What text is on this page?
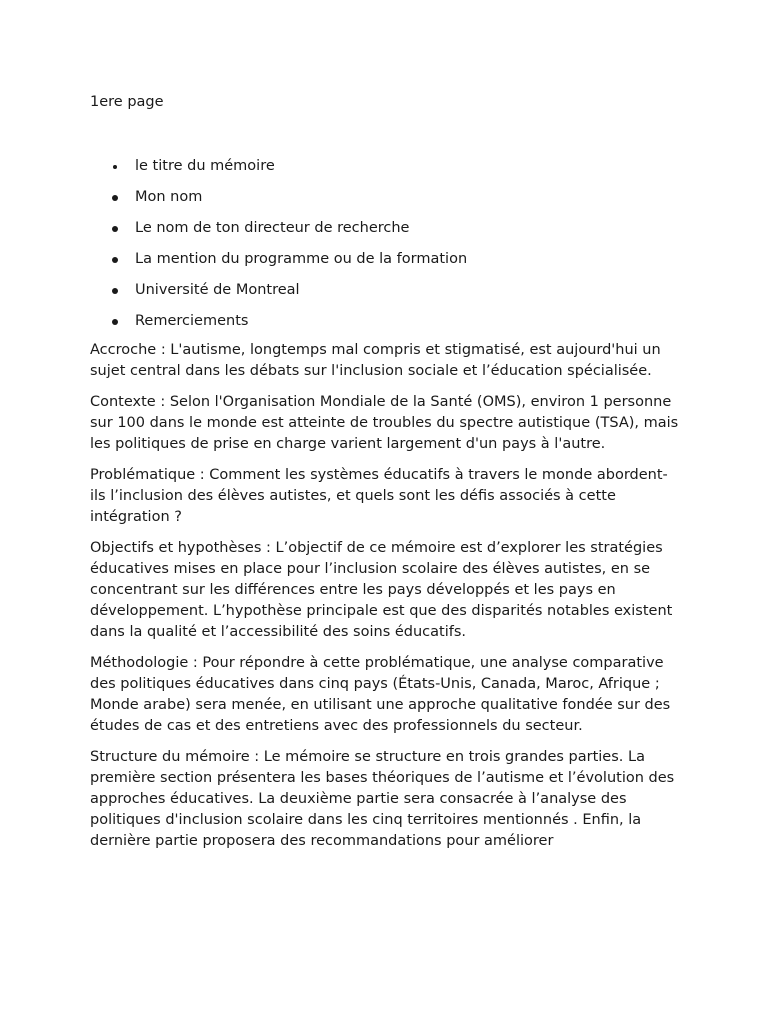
1ere page

le titre du mémoire
Mon nom
Le nom de ton directeur de recherche
La mention du programme ou de la formation
Université de Montreal
Remerciements

Accroche : L'autisme, longtemps mal compris et stigmatisé, est aujourd'hui un sujet central dans les débats sur l'inclusion sociale et l’éducation spécialisée.

Contexte : Selon l'Organisation Mondiale de la Santé (OMS), environ 1 personne sur 100 dans le monde est atteinte de troubles du spectre autistique (TSA), mais les politiques de prise en charge varient largement d'un pays à l'autre.

Problématique : Comment les systèmes éducatifs à travers le monde abordent-ils l’inclusion des élèves autistes, et quels sont les défis associés à cette intégration ?

Objectifs et hypothèses : L’objectif de ce mémoire est d’explorer les stratégies éducatives mises en place pour l’inclusion scolaire des élèves autistes, en se concentrant sur les différences entre les pays développés et les pays en développement. L’hypothèse principale est que des disparités notables existent dans la qualité et l’accessibilité des soins éducatifs.

Méthodologie : Pour répondre à cette problématique, une analyse comparative des politiques éducatives dans cinq pays (États-Unis, Canada, Maroc, Afrique ; Monde arabe) sera menée, en utilisant une approche qualitative fondée sur des études de cas et des entretiens avec des professionnels du secteur.

Structure du mémoire : Le mémoire se structure en trois grandes parties. La première section présentera les bases théoriques de l’autisme et l’évolution des approches éducatives. La deuxième partie sera consacrée à l’analyse des politiques d'inclusion scolaire dans les cinq territoires mentionnés . Enfin, la dernière partie proposera des recommandations pour améliorer
